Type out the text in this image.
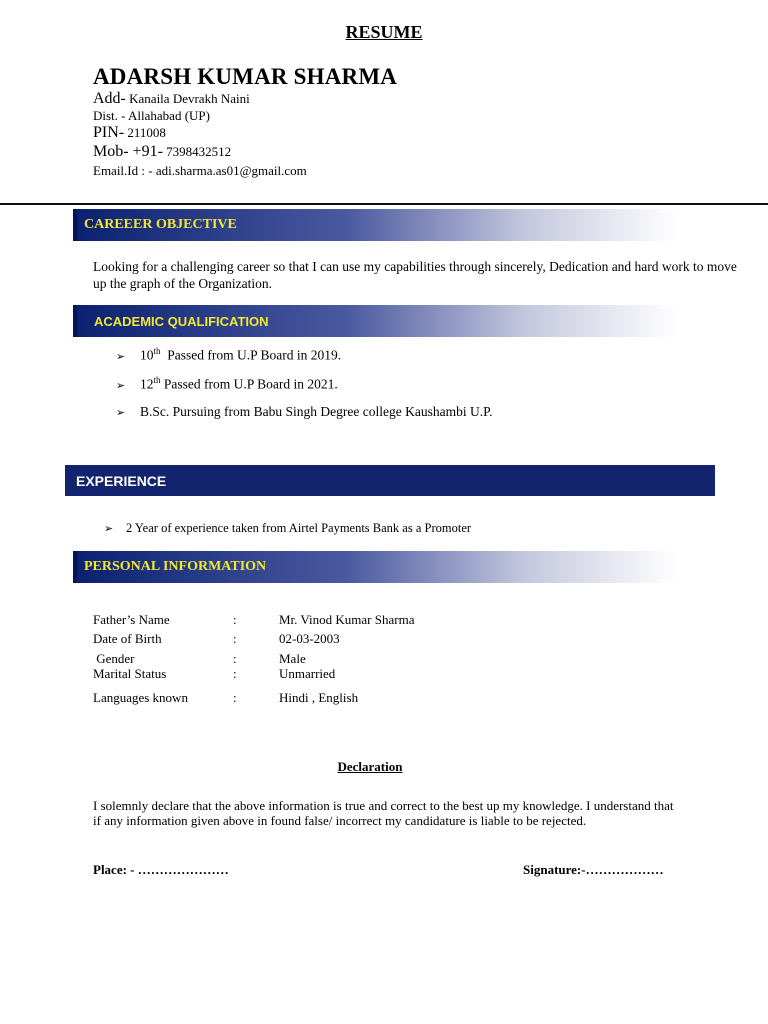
RESUME
ADARSH KUMAR SHARMA
Add- Kanaila Devrakh Naini
Dist. - Allahabad (UP)
PIN- 211008
Mob- +91- 7398432512
Email.Id : - adi.sharma.as01@gmail.com
CAREEER OBJECTIVE
Looking for a challenging career so that I can use my capabilities through sincerely, Dedication and hard work to move up the graph of the Organization.
ACADEMIC QUALIFICATION
➢ 10th  Passed from U.P Board in 2019.
➢ 12th Passed from U.P Board in 2021.
➢ B.Sc. Pursuing from Babu Singh Degree college Kaushambi U.P.
EXPERIENCE
➢ 2 Year of experience taken from Airtel Payments Bank as a Promoter
PERSONAL INFORMATION
Father’s Name	:	Mr. Vinod Kumar Sharma
Date of Birth	:	02-03-2003
Gender	:	Male
Marital Status	:	Unmarried
Languages known	:	Hindi , English
Declaration
I solemnly declare that the above information is true and correct to the best up my knowledge. I understand that if any information given above in found false/ incorrect my candidature is liable to be rejected.
Place: - …………………	Signature:-………………
